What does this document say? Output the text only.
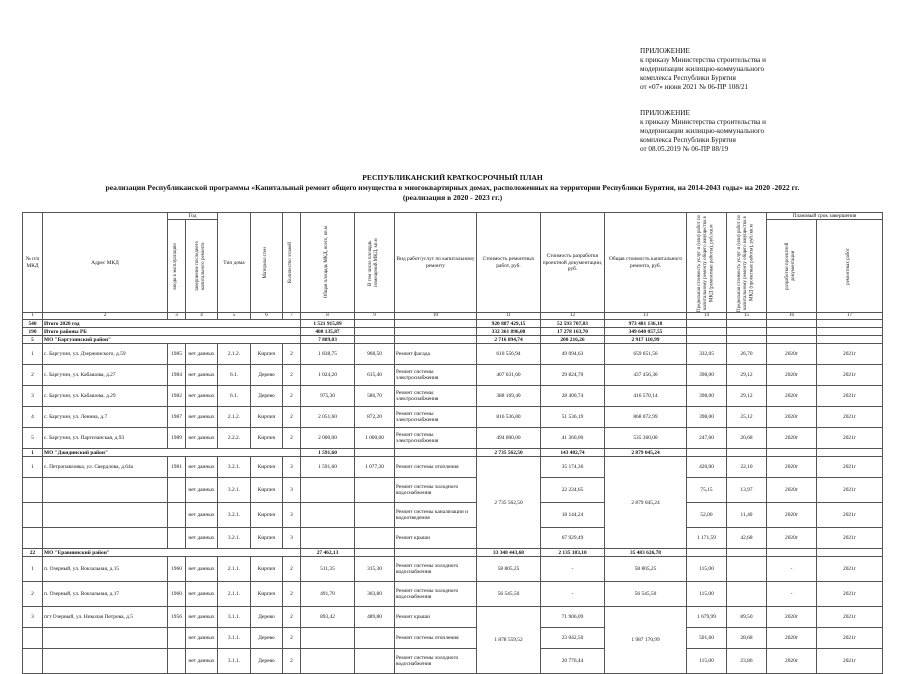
ПРИЛОЖЕНИЕ
к приказу Министерства строительства и
модернизации жилищно-коммунального
комплекса Республики Бурятия
от «07» июня 2021 № 06-ПР 108/21
ПРИЛОЖЕНИЕ
к приказу Министерства строительства и
модернизации жилищно-коммунального
комплекса Республики Бурятия
от 08.05.2019 № 06-ПР 88/19
РЕСПУБЛИКАНСКИЙ КРАТКОСРОЧНЫЙ ПЛАН
реализации Республиканской программы «Капитальный ремонт общего имущества в многоквартирных домах, расположенных на территории Республики Бурятия, на 2014-2043 годы» на 2020 -2022 гг.
(реализация в 2020 - 2023 гг.)
№ п/п МКД	Адрес МКД	Год		Тип дома	Материал стен	Количество этажей	Общая площадь МКД, всего, кв.м	В том числе площадь помещений МКД, кв.м	Вид работ/услуг по капитальному ремонту	Стоимость ремонтных работ, руб.	Стоимость разработки проектной документации, руб.	Общая стоимость капитального ремонта, руб.	Предельная стоимость услуг и (или) работ по капитальному ремонту общего имущества в МКД (ремонтные работы), руб./кв.м	Предельная стоимость услуг и (или) работ по капитальному ремонту общего имущества в МКД (проектные работы), руб./кв.м	Плановый срок завершения	

		ввода в эксплуатацию	завершение последнего капитального ремонта												разработки проектной документации	ремонтных работ

1	2	3	4	5	6	7	8	9	10	11	12	13	14	15	16	17
540	Итого 2020 год						1 521 915,89			920 887 429,15	52 593 707,03	973 481 136,18				
190	Итого районы РБ						408 135,87			332 361 896,08	17 278 163,70	349 640 057,55				
5	МО "Баргузинский район"						7 889,03			2 716 894,74	200 216,26	2 917 110,99				
1	с. Баргузин, ул. Дзержинского, д.59	1985	нет данных	2.1.2.	Кирпич	2	1 838,75	968,50	Ремонт фасада	610 556,94	49 094,63	659 651,56	332,05	26,70	2020г	2021г
2	с. Баргузин, ул. Кабашова, д.27	1984	нет данных	6.1.	Дерево	2	1 024,20	615,40	Ремонт системы электроснабжения	407 631,60	29 824,70	437 456,30	398,00	29,12	2020г	2021г
3	с. Баргузин, ул. Кабашова, д.29	1982	нет данных	6.1.	Дерево	2	975,30	586,70	Ремонт системы электроснабжения	388 169,40	28 400,74	416 570,14	398,00	29,12	2020г	2021г
4	с. Баргузин, ул. Ленина, д.7	1987	нет данных	2.1.2.	Кирпич	2	2 051,60	872,20	Ремонт системы электроснабжения	816 536,80	51 536,19	868 072,99	398,00	25,12	2020г	2021г
5	с. Баргузин, ул. Партизанская, д.93	1989	нет данных	2.2.2.	Кирпич	2	2 000,00	1 000,00	Ремонт системы электроснабжения	494 000,00	41 360,00	535 360,00	247,00	20,68	2020г	2021г
1	МО "Джидинский район"						1 591,60			2 735 562,50	143 482,74	2 879 045,24				
1	с. Петропавловка, ул. Свердлова, д.64а	1981	нет данных	3.2.1.	Кирпич	3	1 591,60	1 077,30	Ремонт системы отопления	2 735 562,50	35 174,36	2 879 045,24	420,00	22,10	2020г	2021г
			нет данных	3.2.1.	Кирпич	3			Ремонт системы холодного водоснабжения		22 234,65		75,15	13,97	2020г	2021г
			нет данных	3.2.1.	Кирпич	3			Ремонт системы канализации и водоотведения		18 144,24		52,00	11,40	2020г	2021г
			нет данных	3.2.1.	Кирпич	3			Ремонт крыши		67 929,49		1 171,59	42,68	2020г	2021г
22	МО "Еравнинский район"						27 462,13			33 348 443,68	2 135 183,10	35 483 626,78				
1	п. Озерный, ул. Вокзальная, д.15	1960	нет данных	2.1.1.	Кирпич	2	511,35	315,30	Ремонт системы холодного водоснабжения	58 805,25	-	58 805,25	115,00		-	2021г
2	п. Озерный, ул. Вокзальная, д.17	1960	нет данных	2.1.1.	Кирпич	2	491,70	303,80	Ремонт системы холодного водоснабжения	56 545,50	-	56 545,50	115,00		-	2021г
3	пгт Озерный, ул. Николая Петрова, д.5	1956	нет данных	3.1.1.	Дерево	2	893,42	489,80	Ремонт крыши	1 878 559,52	71 906,09	1 987 170,99	1 679,99	89,50	2020г	2021г
			нет данных	3.1.1.	Дерево	2			Ремонт системы отопления		23 042,50		501,60	28,68	2020г	2021г
			нет данных	3.1.1.	Дерево	2			Ремонт системы холодного водоснабжения		20 776,44		115,00	23,86	2020г	2021г
